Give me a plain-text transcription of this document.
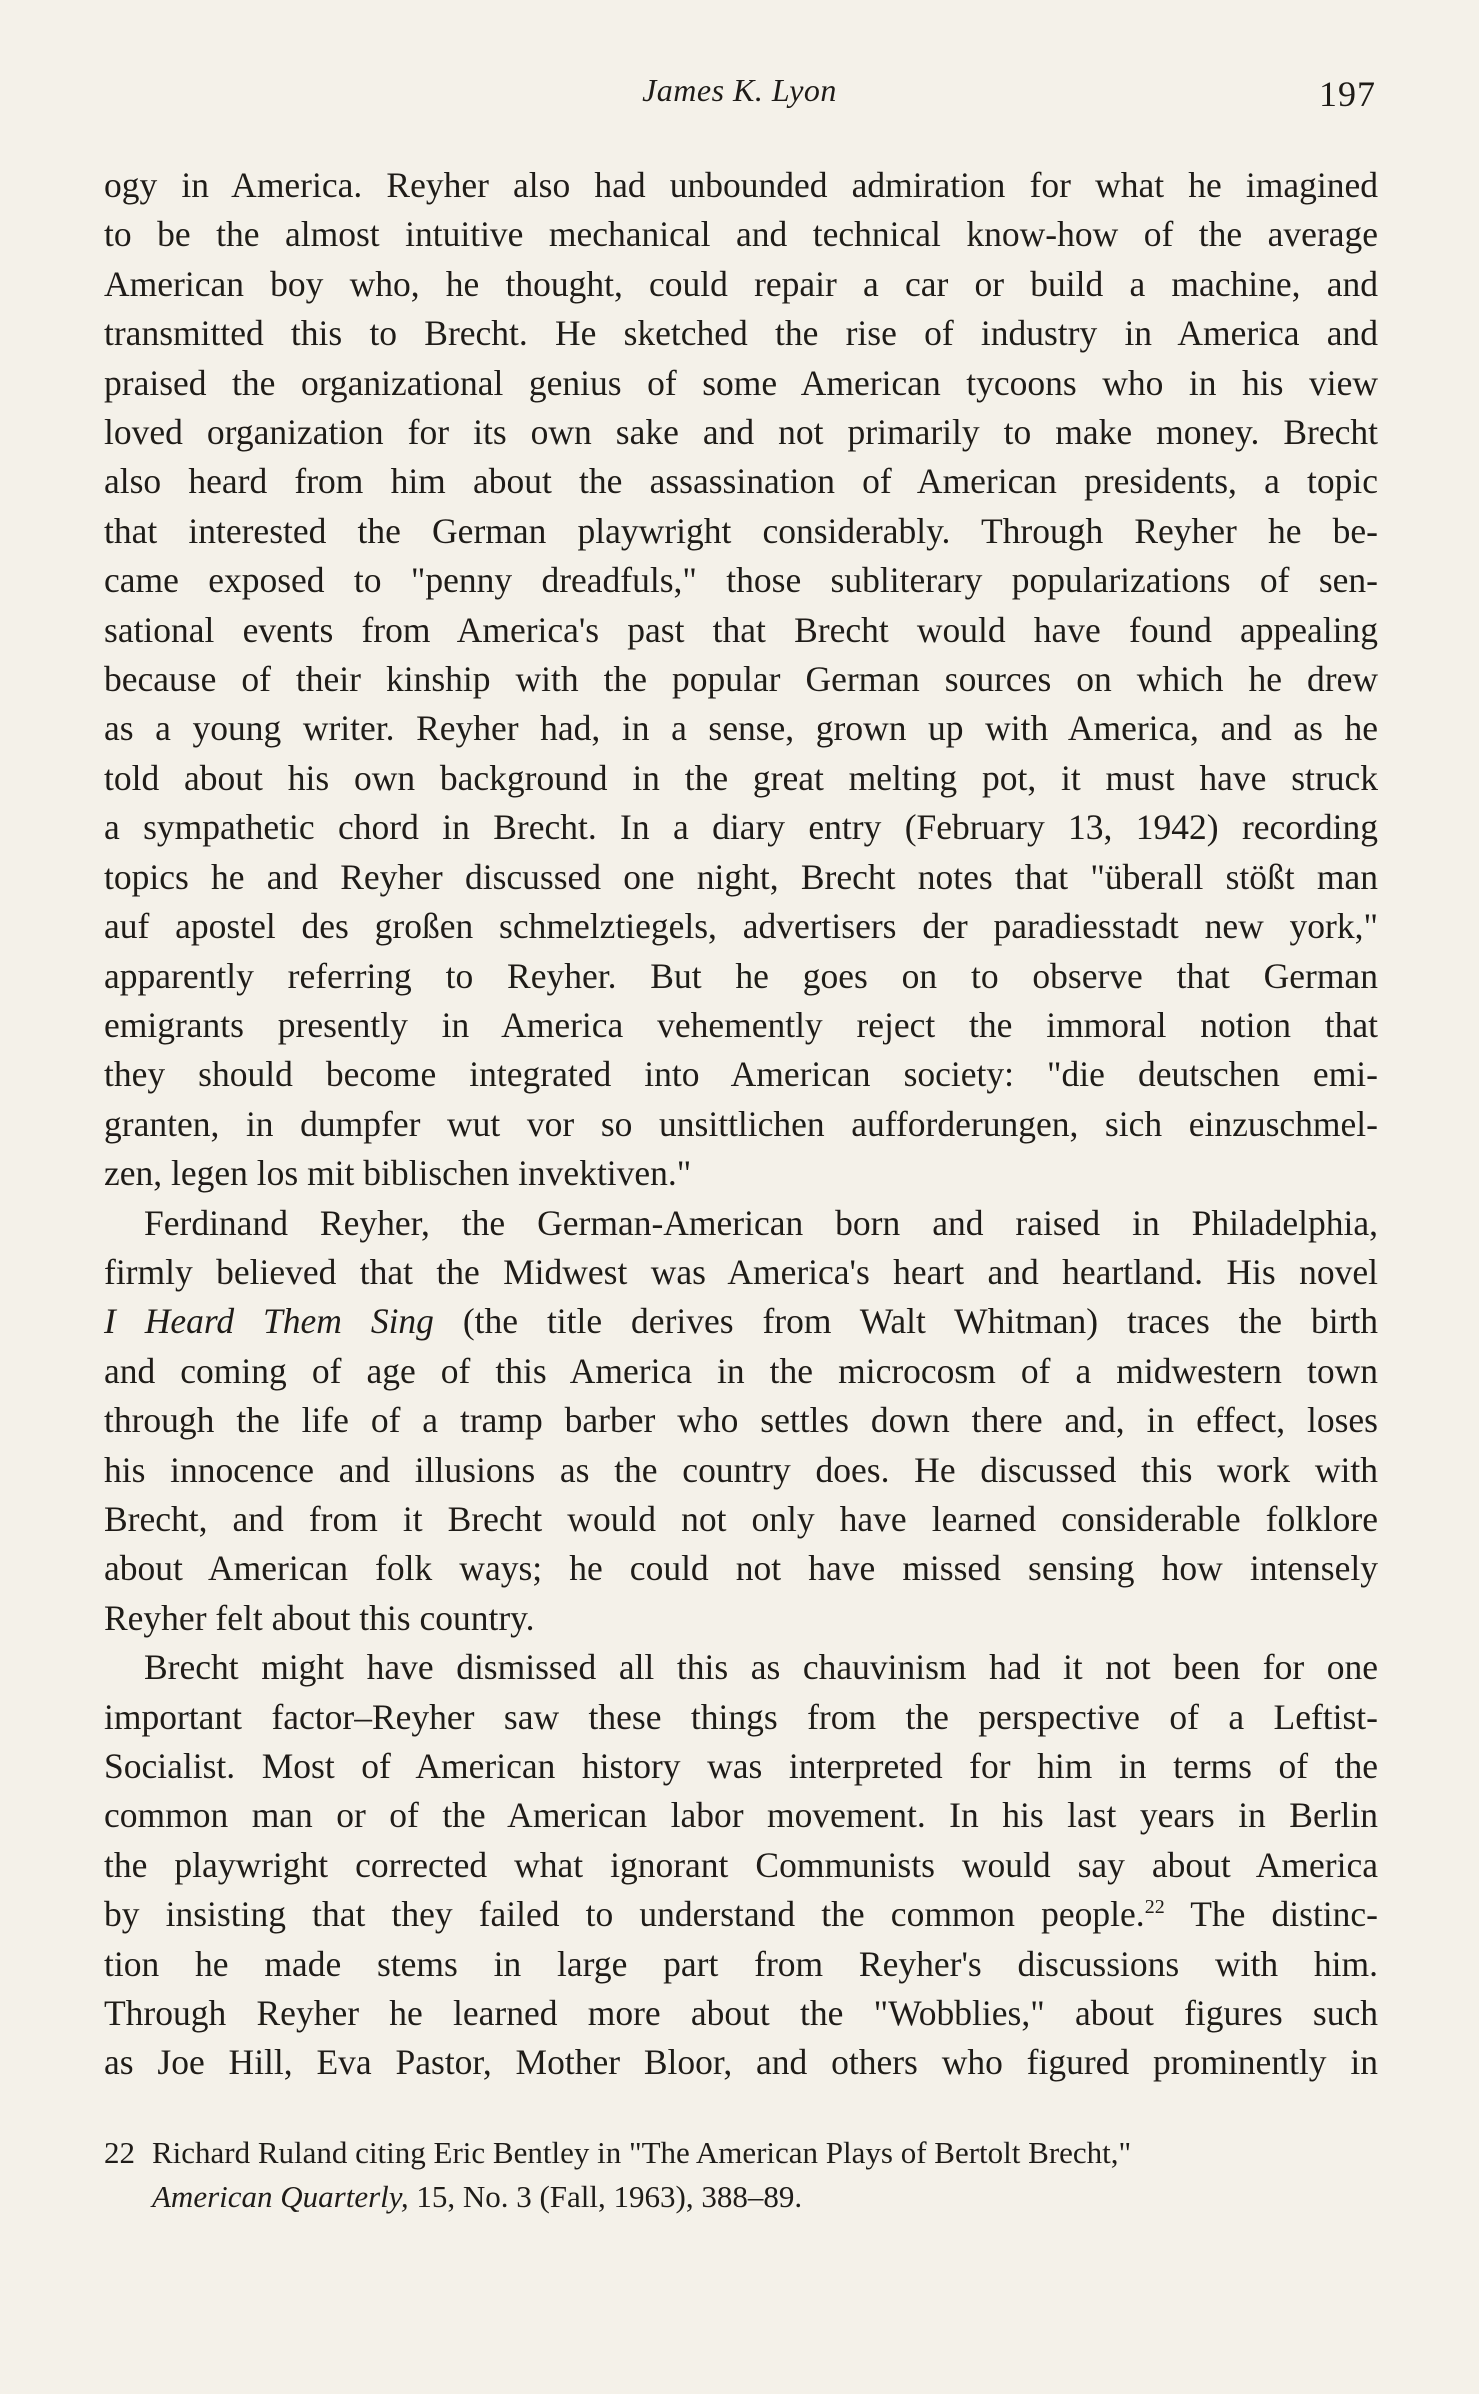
James K. Lyon	197

ogy in America. Reyher also had unbounded admiration for what he imagined
to be the almost intuitive mechanical and technical know-how of the average
American boy who, he thought, could repair a car or build a machine, and
transmitted this to Brecht. He sketched the rise of industry in America and
praised the organizational genius of some American tycoons who in his view
loved organization for its own sake and not primarily to make money. Brecht
also heard from him about the assassination of American presidents, a topic
that interested the German playwright considerably. Through Reyher he be-
came exposed to "penny dreadfuls," those subliterary popularizations of sen-
sational events from America's past that Brecht would have found appealing
because of their kinship with the popular German sources on which he drew
as a young writer. Reyher had, in a sense, grown up with America, and as he
told about his own background in the great melting pot, it must have struck
a sympathetic chord in Brecht. In a diary entry (February 13, 1942) recording
topics he and Reyher discussed one night, Brecht notes that "überall stößt man
auf apostel des großen schmelztiegels, advertisers der paradiesstadt new york,"
apparently referring to Reyher. But he goes on to observe that German
emigrants presently in America vehemently reject the immoral notion that
they should become integrated into American society: "die deutschen emi-
granten, in dumpfer wut vor so unsittlichen aufforderungen, sich einzuschmel-
zen, legen los mit biblischen invektiven."

Ferdinand Reyher, the German-American born and raised in Philadelphia,
firmly believed that the Midwest was America's heart and heartland. His novel
I Heard Them Sing (the title derives from Walt Whitman) traces the birth
and coming of age of this America in the microcosm of a midwestern town
through the life of a tramp barber who settles down there and, in effect, loses
his innocence and illusions as the country does. He discussed this work with
Brecht, and from it Brecht would not only have learned considerable folklore
about American folk ways; he could not have missed sensing how intensely
Reyher felt about this country.

Brecht might have dismissed all this as chauvinism had it not been for one
important factor–Reyher saw these things from the perspective of a Leftist-
Socialist. Most of American history was interpreted for him in terms of the
common man or of the American labor movement. In his last years in Berlin
the playwright corrected what ignorant Communists would say about America
by insisting that they failed to understand the common people.$^{22}$ The distinc-
tion he made stems in large part from Reyher's discussions with him.
Through Reyher he learned more about the "Wobblies," about figures such
as Joe Hill, Eva Pastor, Mother Bloor, and others who figured prominently in

22 Richard Ruland citing Eric Bentley in "The American Plays of Bertolt Brecht,"
American Quarterly, 15, No. 3 (Fall, 1963), 388–89.
